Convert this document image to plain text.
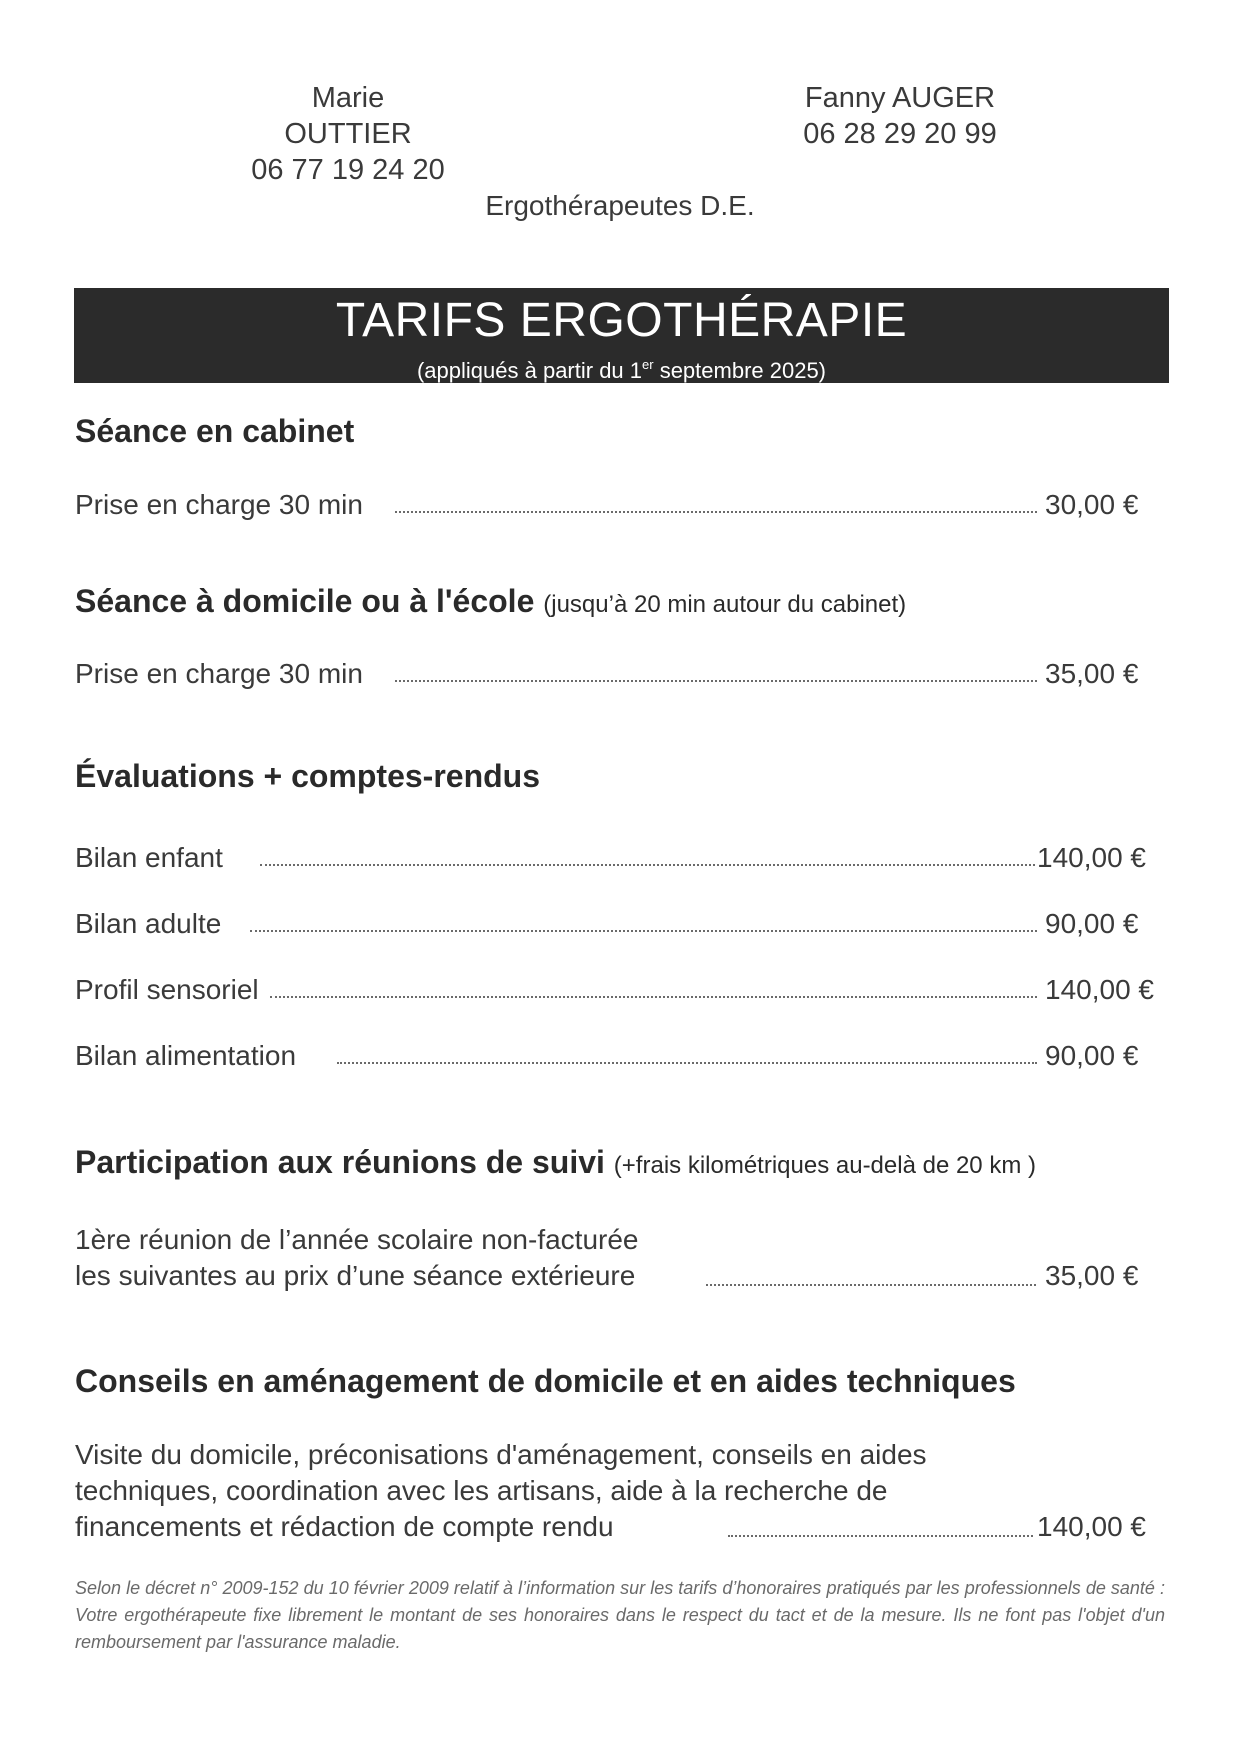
Marie OUTTIER
06 77 19 24 20
Fanny AUGER
06 28 29 20 99
Ergothérapeutes D.E.
TARIFS ERGOTHÉRAPIE
(appliqués à partir du 1er septembre 2025)
Séance en cabinet
Prise en charge 30 min	30,00 €
Séance à domicile ou à l'école (jusqu’à 20 min autour du cabinet)
Prise en charge 30 min	35,00 €
Évaluations + comptes-rendus
Bilan enfant	140,00 €
Bilan adulte	90,00 €
Profil sensoriel	140,00 €
Bilan alimentation	90,00 €
Participation aux réunions de suivi (+frais kilométriques au-delà de 20 km )
1ère réunion de l’année scolaire non-facturée
les suivantes au prix d’une séance extérieure	35,00 €
Conseils en aménagement de domicile et en aides techniques
Visite du domicile, préconisations d'aménagement, conseils en aides
techniques, coordination avec les artisans, aide à la recherche de
financements et rédaction de compte rendu	140,00 €
Selon le décret n° 2009-152 du 10 février 2009 relatif à l’information sur les tarifs d’honoraires pratiqués par les professionnels de santé : Votre ergothérapeute fixe librement le montant de ses honoraires dans le respect du tact et de la mesure. Ils ne font pas l'objet d'un remboursement par l'assurance maladie.
